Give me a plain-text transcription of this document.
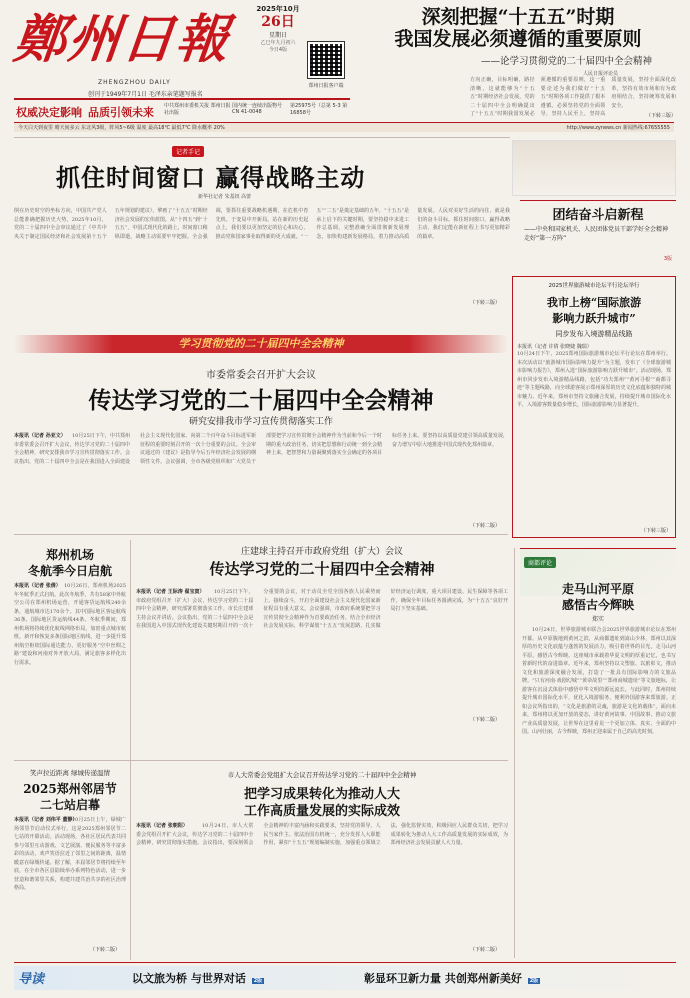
鄭州日報
ZHENGZHOU DAILY
创刊于1949年7月1日 毛泽东亲笔题写报名
2025年10月
26日
星期日
乙巳年九月初六
今日4版
郑州日报客户端
权威决定影响 品质引领未来 中共郑州市委机关报 郑州日报社出版
国内统一连续出版物号 CN 41-0048
第25975号（总第 5-3 第 16858号
今天白天到夜里 晴天间多云 东北风3级，阵风5~6级 温度 最高18℃ 最低7℃ 降水概率 20%	http://www.zynews.cn 新闻热线:67655555
深刻把握“十五五”时期
我国发展必须遵循的重要原则
——论学习贯彻党的二十届四中全会精神
人民日报评论员
方向正确，目标明确，路径清晰，这就能够为“十五五”时期经济社会发展，党的二十届四中全会明确提出了“十五五”时期我国发展必须遵循的重要原则，这一重要论述为我们做好“十五五”时期各项工作提供了根本遵循。必须坚持党的全面领导，坚持人民至上，坚持高质量发展，坚持全面深化改革，坚持有效市场和有为政府相结合，坚持统筹发展和安全。
（下转三版）
记者手记
抓住时间窗口 赢得战略主动
新华社记者 朱基钗 高蕾
倒在历史时空的坐标方向，中国共产党人总能准确把握历史大势。2025年10月，党的二十届四中全会审议通过了《中共中央关于制定国民经济和社会发展第十五个五年规划的建议》，擘画了“十五五”时期经济社会发展的宏伟蓝图。从“十四五”到“十五五”，中国式现代化的路上，时间窗口稍纵即逝，战略主动需要牢牢把握。全会强调，要抓住重要战略机遇期，在危机中育先机、于变局中开新局。站在新的历史起点上，我们要以更加坚定的信心和决心，推动党和国家事业取得新的更大成就。“一五”“二五”是奠定基础的五年，“十五五”是承上启下的关键时期，要坚持稳中求进工作总基调，完整准确全面贯彻新发展理念，加快构建新发展格局，着力推动高质量发展。人民对美好生活的向往，就是我们的奋斗目标。抓住时间窗口，赢得战略主动，我们定能在新征程上书写更加精彩的篇章。
（下转三版）
团结奋斗启新程
——中央和国家机关、人民团体党员干部学好全会精神走好“第一方阵”
3版
2025世界旅游城市论坛平行论坛举行
我市上榜“国际旅游
影响力跃升城市”
同步发布入境游精品线路
本报讯（记者 许倩 张晓婕 魏瑞）
10月24日下午，2025郑州国际旅游城市论坛平行论坛在郑州举行。本次活动以“旅游城市国际影响力提升”为主题，发布了《全球旅游城市影响力报告》，郑州入选“国际旅游影响力跃升城市”。活动现场，郑州市同步发布入境游精品线路，包括“功夫郑州”“黄河寻根”“商都寻迹”等主题线路，向全球游客展示郑州深厚的历史文化底蕴和独特的城市魅力。近年来，郑州市坚持文旅融合发展，持续提升城市国际化水平，入境游客数量稳步增长，国际旅游影响力显著提升。
（下转三版）
学习贯彻党的二十届四中全会精神
市委常委会召开扩大会议
传达学习党的二十届四中全会精神
研究安排我市学习宣传贯彻落实工作
本报讯（记者 孙亚文）	10月25日下午，中共郑州市委常委会召开扩大会议，传达学习党的二十届四中全会精神，研究安排我市学习宣传贯彻落实工作。会议指出，党的二十届四中全会是在我国进入全面建设社会主义现代化国家、向第二个百年奋斗目标进军新征程的重要时刻召开的一次十分重要的会议。全会审议通过的《建议》是指导今后五年经济社会发展的纲领性文件。会议强调，全市各级党组织和广大党员干部要把学习宣传贯彻全会精神作为当前和今后一个时期的重大政治任务，切实把思想和行动统一到全会精神上来，把智慧和力量凝聚到落实全会确定的各项目标任务上来。要坚持以高质量党建引领高质量发展，奋力谱写中原大地推进中国式现代化郑州篇章。
（下转二版）
郑州机场
冬航季今日启航
本报讯（记者 张倩） 10月26日，郑州机场2025年冬航季正式启航。此次冬航季，共有58家中外航空公司在郑州机场运营，开通客货运航线240余条，通航城市达170余个。其中国际地区客运航线36条，国际地区货运航线44条。冬航季期间，郑州机场将持续优化航线网络布局，加密重点城市航班，新开和恢复多条国际地区航线，进一步提升郑州航空枢纽国际通达能力，更好服务“空中丝绸之路”建设和河南对外开放大局，满足旅客多样化出行需求。
庄建球主持召开市政府党组（扩大）会议
传达学习党的二十届四中全会精神
本报讯（记者 王际涛 翟宝寅）	10月25日下午，市政府党组召开（扩大）会议，传达学习党的二十届四中全会精神，研究部署贯彻落实工作。市长庄建球主持会议并讲话。会议指出，党的二十届四中全会是在我国进入中国式现代化建设关键时期召开的一次十分重要的会议，对于动员全党全国各族人民乘势而上、接续奋斗，开启全面建设社会主义现代化国家新征程具有重大意义。会议强调，市政府系统要把学习宣传贯彻全会精神作为首要政治任务，结合全市经济社会发展实际，科学谋划“十五五”发展思路，扎实做好经济运行调度、重大项目建设、民生保障等各项工作，确保全年目标任务圆满完成，为“十五五”良好开局打下坚实基础。
（下转二版）
笑声拉近距离 绿城传递温情
2025郑州邻居节
二七站启幕
本报讯（记者 刘伟平 董静）
10月25日上午，绿城广场邻里节启动仪式举行，这是2025郑州邻居节二七站的开幕活动。活动现场，各社区居民代表共同参与邻里互动游戏、文艺展演、便民服务等丰富多彩的活动，欢声笑语拉近了邻里之间的距离，温情暖意在绿城传递。据了解，本届邻居节将持续至年底，在全市各区县陆续举办系列特色活动，进一步营造和谐邻里关系，构建共建共治共享的社区治理格局。
（下转二版）
市人大常委会党组扩大会议召开传达学习党的二十届四中全会精神
把学习成果转化为推动人大
工作高质量发展的实际成效
本报讯（记者 张朝阳）	10月24日，市人大常委会党组召开扩大会议，传达学习党的二十届四中全会精神，研究贯彻落实措施。会议指出，要深刻领会全会精神的丰富内涵和实践要求，坚持党的领导、人民当家作主、依法治国有机统一，充分发挥人大职能作用，紧扣“十五五”规划编制实施，加强重点领域立法，强化监督实效，积极回应人民群众关切，把学习成果转化为推动人大工作高质量发展的实际成效，为郑州经济社会发展贡献人大力量。
（下转二版）
商都评论
走马山河平原
感悟古今辉映
郑实
10月24日，世界旅游城市联合会2025世界旅游城市论坛在郑州开幕。从中原腹地到黄河之滨，从商都遗址到嵩山少林，郑州以其深厚的历史文化底蕴与蓬勃的发展活力，吸引着世界的目光。走马山河平原，感悟古今辉映。这座城市承载着华夏文明的厚重记忆，也书写着新时代的奋进篇章。近年来，郑州坚持以文塑旅、以旅彰文，推动文化和旅游深度融合发展，打造了一批具有国际影响力的文旅品牌。“只有河南·戏剧幻城”“黄帝故里”“郑州商城遗址”等文旅地标，让游客在沉浸式体验中感悟中华文明的源远流长。与此同时，郑州持续提升城市国际化水平，优化入境游服务，便利外国游客来郑旅游。正如会议所指出的，“文化是旅游的灵魂，旅游是文化的载体”。面向未来，郑州将以更加开放的姿态，讲好黄河故事、中国故事，推动文旅产业高质量发展，让世界在这里看见一个更加立体、真实、全面的中国。山河壮丽，古今辉映，郑州正迎来属于自己的高光时刻。
导读	以文旅为桥 与世界对话 2版	彰显环卫新力量 共创郑州新美好 2版
